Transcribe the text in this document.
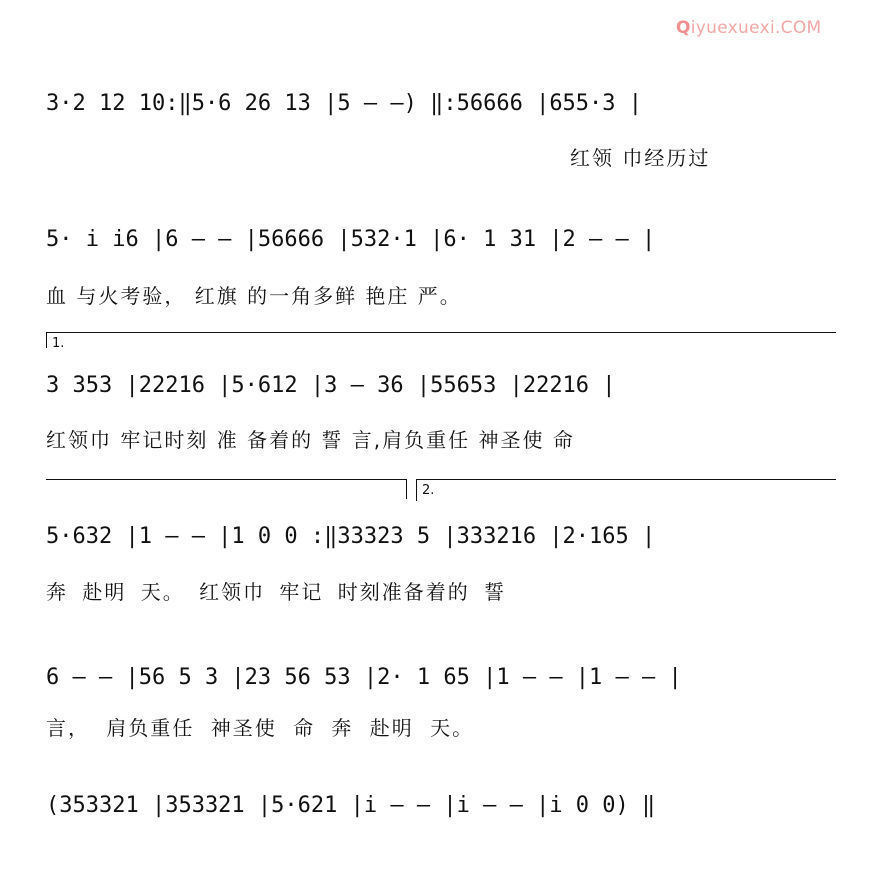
Qiyuexuexi.COM
3·2 12 10:‖5·6 26 13 |5 – –) ‖:56666 |655·3 |
红领 巾经历过
5· i i6 |6 – – |56666 |532·1 |6· 1 31 |2 – – |
血 与火考验， 红旗 的一角多鲜 艳庄 严。
1.
3 353 |22216 |5·612 |3 – 36 |55653 |22216 |
红领巾 牢记时刻 准 备着的 誓 言,肩负重任 神圣使 命
2.
5·632 |1 – – |1 0 0 :‖33323 5 |333216 |2·165 |
奔 赴明 天。 红领巾 牢记 时刻准备着的 誓
6 – – |56 5 3 |23 56 53 |2· 1 65 |1 – – |1 – – |
言， 肩负重任 神圣使 命 奔 赴明 天。
(353321 |353321 |5·621 |i – – |i – – |i 0 0) ‖
